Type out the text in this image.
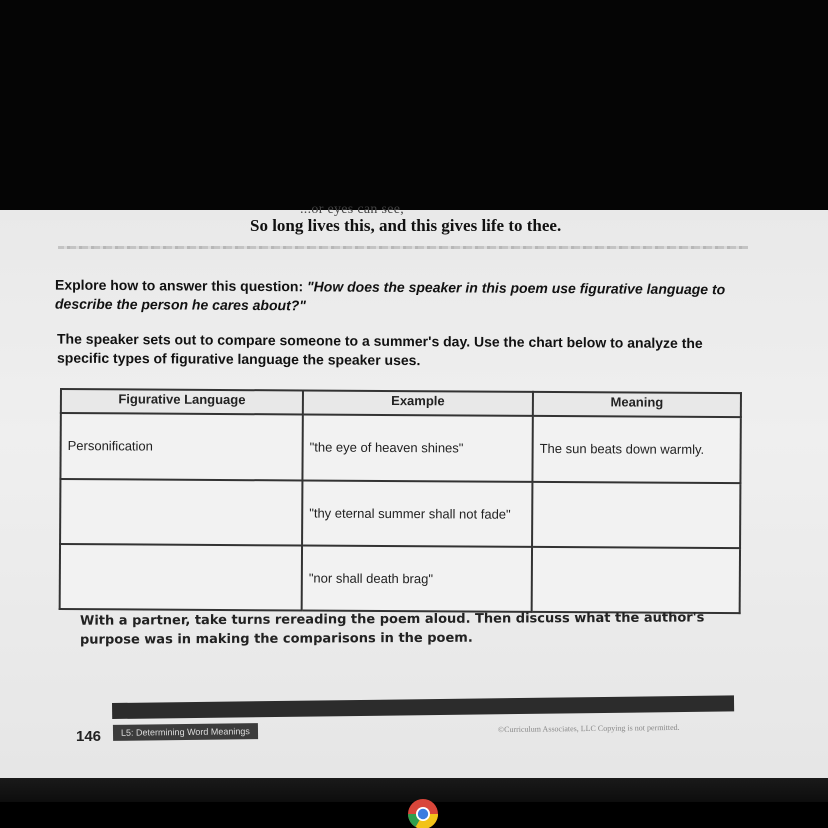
...or eyes can see,
So long lives this, and this gives life to thee.
Explore how to answer this question: "How does the speaker in this poem use figurative language to describe the person he cares about?"
The speaker sets out to compare someone to a summer's day. Use the chart below to analyze the specific types of figurative language the speaker uses.
Figurative Language	Example	Meaning
Personification	"the eye of heaven shines"	The sun beats down warmly.
	"thy eternal summer shall not fade"	
	"nor shall death brag"	
With a partner, take turns rereading the poem aloud. Then discuss what the author's purpose was in making the comparisons in the poem.
146	L5: Determining Word Meanings	©Curriculum Associates, LLC Copying is not permitted.
